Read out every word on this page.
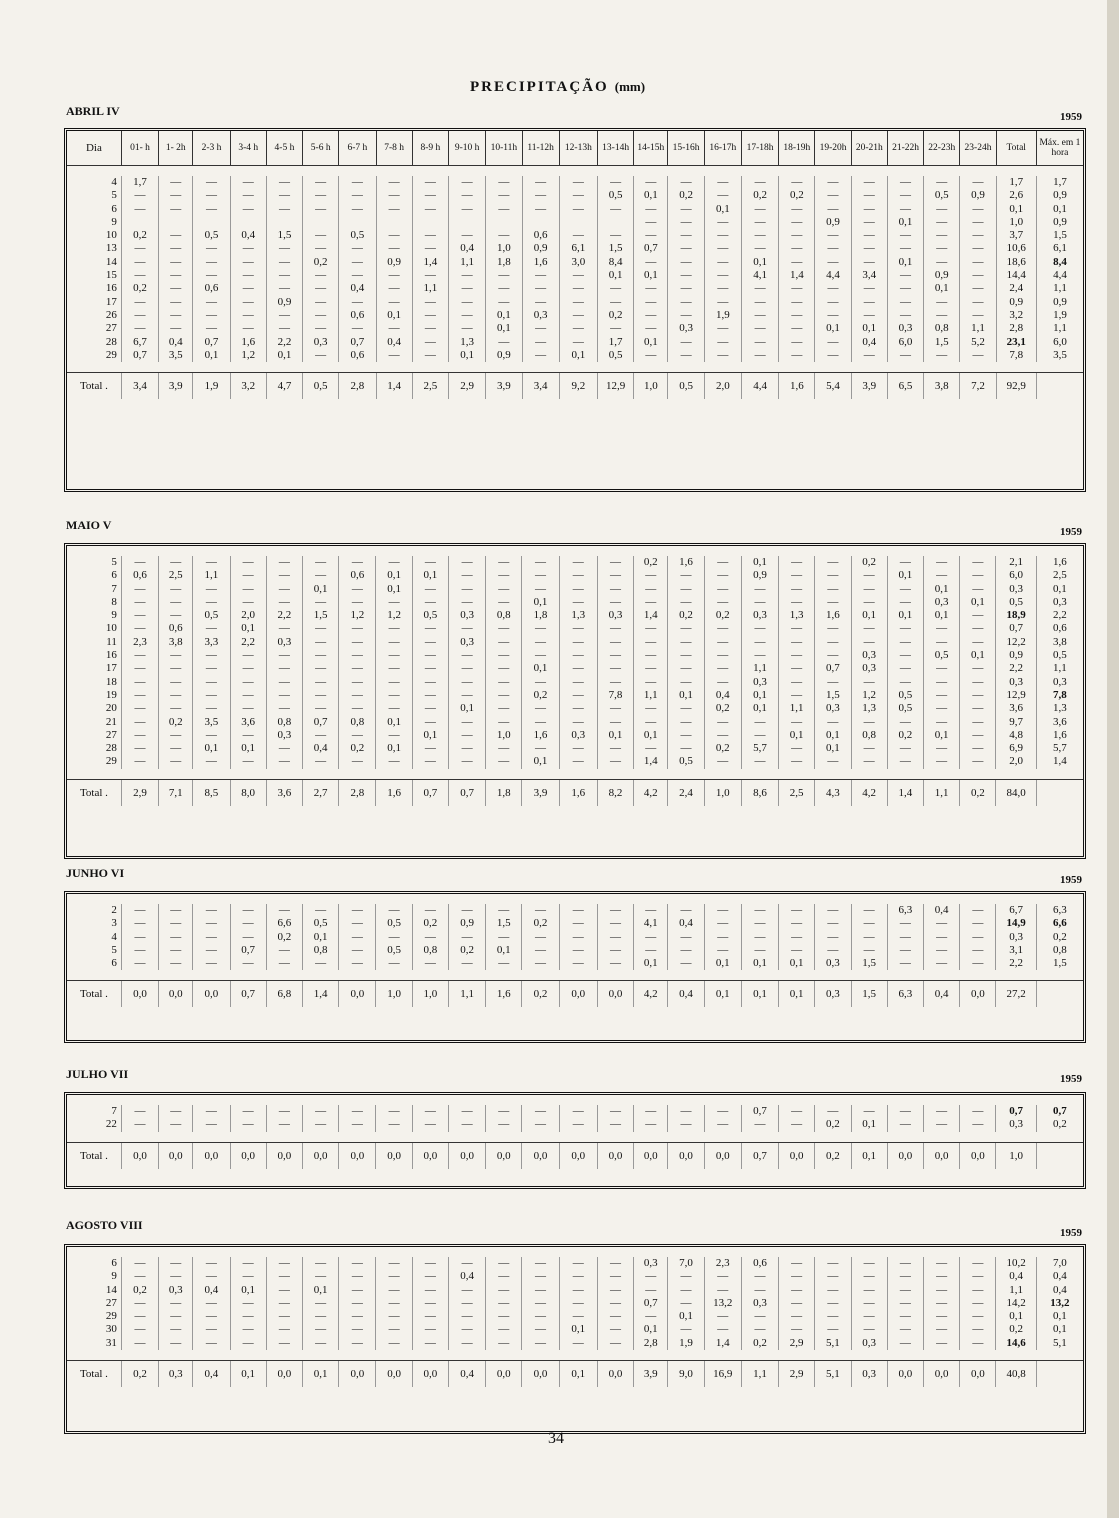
PRECIPITAÇÃO (mm)
ABRIL IV	1959
Dia	01- h	1- 2h	2-3 h	3-4 h	4-5 h	5-6 h	6-7 h	7-8 h	8-9 h	9-10 h	10-11h	11-12h	12-13h	13-14h	14-15h	15-16h	16-17h	17-18h	18-19h	19-20h	20-21h	21-22h	22-23h	23-24h	Total	Máx. em 1 hora

4	1,7	—	—	—	—	—	—	—	—	—	—	—	—	—	—	—	—	—	—	—	—	—	—	—	1,7	1,7
5	—	—	—	—	—	—	—	—	—	—	—	—	—	0,5	0,1	0,2	—	0,2	0,2	—	—	—	0,5	0,9	2,6	0,9
6	—	—	—	—	—	—	—	—	—	—	—	—	—	—	—	—	0,1	—	—	—	—	—	—	—	0,1	0,1
9															—	—	—	—	—	0,9	—	0,1	—	—	1,0	0,9
10	0,2	—	0,5	0,4	1,5	—	0,5	—	—	—	—	0,6	—	—	—	—	—	—	—	—	—	—	—	—	3,7	1,5
13	—	—	—	—	—	—	—	—	—	0,4	1,0	0,9	6,1	1,5	0,7	—	—	—	—	—	—	—	—	—	10,6	6,1
14	—	—	—	—	—	0,2	—	0,9	1,4	1,1	1,8	1,6	3,0	8,4	—	—	—	0,1	—	—	—	0,1	—	—	18,6	8,4
15	—	—	—	—	—	—	—	—	—	—	—	—	—	0,1	0,1	—	—	4,1	1,4	4,4	3,4	—	0,9	—	14,4	4,4
16	0,2	—	0,6	—	—	—	0,4	—	1,1	—	—	—	—	—	—	—	—	—	—	—	—	—	0,1	—	2,4	1,1
17	—	—	—	—	0,9	—	—	—	—	—	—	—	—	—	—	—	—	—	—	—	—	—	—	—	0,9	0,9
26	—	—	—	—	—	—	0,6	0,1	—	—	0,1	0,3	—	0,2	—	—	1,9	—	—	—	—	—	—	—	3,2	1,9
27	—	—	—	—	—	—	—	—	—	—	0,1	—	—	—	—	0,3	—	—	—	0,1	0,1	0,3	0,8	1,1	2,8	1,1
28	6,7	0,4	0,7	1,6	2,2	0,3	0,7	0,4	—	1,3	—	—	—	1,7	0,1	—	—	—	—	—	0,4	6,0	1,5	5,2	23,1	6,0
29	0,7	3,5	0,1	1,2	0,1	—	0,6	—	—	0,1	0,9	—	0,1	0,5	—	—	—	—	—	—	—	—	—	—	7,8	3,5

Total .	3,4	3,9	1,9	3,2	4,7	0,5	2,8	1,4	2,5	2,9	3,9	3,4	9,2	12,9	1,0	0,5	2,0	4,4	1,6	5,4	3,9	6,5	3,8	7,2	92,9	
MAIO V	1959

5	—	—	—	—	—	—	—	—	—	—	—	—	—	—	0,2	1,6	—	0,1	—	—	0,2	—	—	—	2,1	1,6
6	0,6	2,5	1,1	—	—	—	0,6	0,1	0,1	—	—	—	—	—	—	—	—	0,9	—	—	—	0,1	—	—	6,0	2,5
7	—	—	—	—	—	0,1	—	0,1	—	—	—	—	—	—	—	—	—	—	—	—	—	—	0,1	—	0,3	0,1
8	—	—	—	—	—	—	—	—	—	—	—	0,1	—	—	—	—	—	—	—	—	—	—	0,3	0,1	0,5	0,3
9	—	—	0,5	2,0	2,2	1,5	1,2	1,2	0,5	0,3	0,8	1,8	1,3	0,3	1,4	0,2	0,2	0,3	1,3	1,6	0,1	0,1	0,1	—	18,9	2,2
10	—	0,6	—	0,1	—	—	—	—	—	—	—	—	—	—	—	—	—	—	—	—	—	—	—	—	0,7	0,6
11	2,3	3,8	3,3	2,2	0,3	—	—	—	—	0,3	—	—	—	—	—	—	—	—	—	—	—	—	—	—	12,2	3,8
16	—	—	—	—	—	—	—	—	—	—	—	—	—	—	—	—	—	—	—	—	0,3	—	0,5	0,1	0,9	0,5
17	—	—	—	—	—	—	—	—	—	—	—	0,1	—	—	—	—	—	1,1	—	0,7	0,3	—	—	—	2,2	1,1
18	—	—	—	—	—	—	—	—	—	—	—	—	—	—	—	—	—	0,3	—	—	—	—	—	—	0,3	0,3
19	—	—	—	—	—	—	—	—	—	—	—	0,2	—	7,8	1,1	0,1	0,4	0,1	—	1,5	1,2	0,5	—	—	12,9	7,8
20	—	—	—	—	—	—	—	—	—	0,1	—	—	—	—	—	—	0,2	0,1	1,1	0,3	1,3	0,5	—	—	3,6	1,3
21	—	0,2	3,5	3,6	0,8	0,7	0,8	0,1	—	—	—	—	—	—	—	—	—	—	—	—	—	—	—	—	9,7	3,6
27	—	—	—	—	0,3	—	—	—	0,1	—	1,0	1,6	0,3	0,1	0,1	—	—	—	0,1	0,1	0,8	0,2	0,1	—	4,8	1,6
28	—	—	0,1	0,1	—	0,4	0,2	0,1	—	—	—	—	—	—	—	—	0,2	5,7	—	0,1	—	—	—	—	6,9	5,7
29	—	—	—	—	—	—	—	—	—	—	—	0,1	—	—	1,4	0,5	—	—	—	—	—	—	—	—	2,0	1,4

Total .	2,9	7,1	8,5	8,0	3,6	2,7	2,8	1,6	0,7	0,7	1,8	3,9	1,6	8,2	4,2	2,4	1,0	8,6	2,5	4,3	4,2	1,4	1,1	0,2	84,0	
JUNHO VI	1959

2	—	—	—	—	—	—	—	—	—	—	—	—	—	—	—	—	—	—	—	—	—	6,3	0,4	—	6,7	6,3
3	—	—	—	—	6,6	0,5	—	0,5	0,2	0,9	1,5	0,2	—	—	4,1	0,4	—	—	—	—	—	—	—	—	14,9	6,6
4	—	—	—	—	0,2	0,1	—	—	—	—	—	—	—	—	—	—	—	—	—	—	—	—	—	—	0,3	0,2
5	—	—	—	0,7	—	0,8	—	0,5	0,8	0,2	0,1	—	—	—	—	—	—	—	—	—	—	—	—	—	3,1	0,8
6	—	—	—	—	—	—	—	—	—	—	—	—	—	—	0,1	—	0,1	0,1	0,1	0,3	1,5	—	—	—	2,2	1,5

Total .	0,0	0,0	0,0	0,7	6,8	1,4	0,0	1,0	1,0	1,1	1,6	0,2	0,0	0,0	4,2	0,4	0,1	0,1	0,1	0,3	1,5	6,3	0,4	0,0	27,2	
JULHO VII	1959

7	—	—	—	—	—	—	—	—	—	—	—	—	—	—	—	—	—	0,7	—	—	—	—	—	—	0,7	0,7
22	—	—	—	—	—	—	—	—	—	—	—	—	—	—	—	—	—	—	—	0,2	0,1	—	—	—	0,3	0,2

Total .	0,0	0,0	0,0	0,0	0,0	0,0	0,0	0,0	0,0	0,0	0,0	0,0	0,0	0,0	0,0	0,0	0,0	0,7	0,0	0,2	0,1	0,0	0,0	0,0	1,0	
AGOSTO VIII
1959

6	—	—	—	—	—	—	—	—	—	—	—	—	—	—	0,3	7,0	2,3	0,6	—	—	—	—	—	—	10,2	7,0
9	—	—	—	—	—	—	—	—	—	0,4	—	—	—	—	—	—	—	—	—	—	—	—	—	—	0,4	0,4
14	0,2	0,3	0,4	0,1	—	0,1	—	—	—	—	—	—	—	—	—	—	—	—	—	—	—	—	—	—	1,1	0,4
27	—	—	—	—	—	—	—	—	—	—	—	—	—	—	0,7	—	13,2	0,3	—	—	—	—	—	—	14,2	13,2
29	—	—	—	—	—	—	—	—	—	—	—	—	—	—	—	0,1	—	—	—	—	—	—	—	—	0,1	0,1
30	—	—	—	—	—	—	—	—	—	—	—	—	0,1	—	0,1	—	—	—	—	—	—	—	—	—	0,2	0,1
31	—	—	—	—	—	—	—	—	—	—	—	—	—	—	2,8	1,9	1,4	0,2	2,9	5,1	0,3	—	—	—	14,6	5,1

Total .	0,2	0,3	0,4	0,1	0,0	0,1	0,0	0,0	0,0	0,4	0,0	0,0	0,1	0,0	3,9	9,0	16,9	1,1	2,9	5,1	0,3	0,0	0,0	0,0	40,8	
34
